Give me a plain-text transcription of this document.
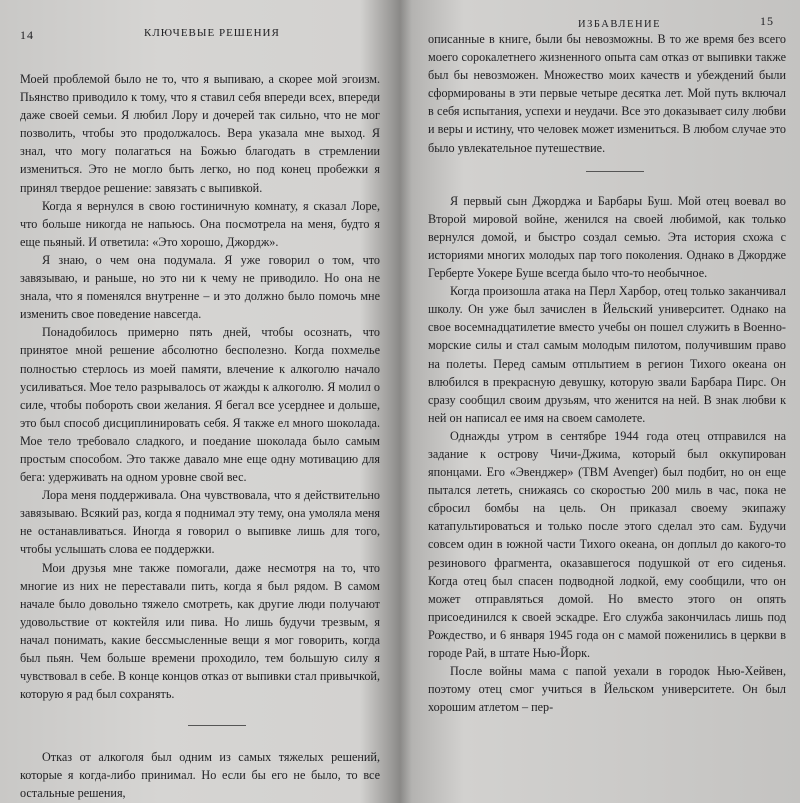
14	КЛЮЧЕВЫЕ РЕШЕНИЯ

Моей проблемой было не то, что я выпиваю, а скорее мой эгоизм. Пьянство приводило к тому, что я ставил себя впереди всех, впереди даже своей семьи. Я любил Лору и дочерей так сильно, что не мог позволить, чтобы это продолжалось. Вера указала мне выход. Я знал, что могу полагаться на Божью благодать в стремлении измениться. Это не могло быть легко, но под конец пробежки я принял твердое решение: завязать с выпивкой.

Когда я вернулся в свою гостиничную комнату, я сказал Лоре, что больше никогда не напьюсь. Она посмотрела на меня, будто я еще пьяный. И ответила: «Это хорошо, Джордж».

Я знаю, о чем она подумала. Я уже говорил о том, что завязываю, и раньше, но это ни к чему не приводило. Но она не знала, что я поменялся внутренне – и это должно было помочь мне изменить свое поведение навсегда.

Понадобилось примерно пять дней, чтобы осознать, что принятое мной решение абсолютно бесполезно. Когда похмелье полностью стерлось из моей памяти, влечение к алкоголю начало усиливаться. Мое тело разрывалось от жажды к алкоголю. Я молил о силе, чтобы побороть свои желания. Я бегал все усерднее и дольше, это был способ дисциплинировать себя. Я также ел много шоколада. Мое тело требовало сладкого, и поедание шоколада было самым простым способом. Это также давало мне еще одну мотивацию для бега: удерживать на одном уровне свой вес.

Лора меня поддерживала. Она чувствовала, что я действительно завязываю. Всякий раз, когда я поднимал эту тему, она умоляла меня не останавливаться. Иногда я говорил о выпивке лишь для того, чтобы услышать слова ее поддержки.

Мои друзья мне также помогали, даже несмотря на то, что многие из них не переставали пить, когда я был рядом. В самом начале было довольно тяжело смотреть, как другие люди получают удовольствие от коктейля или пива. Но лишь будучи трезвым, я начал понимать, какие бессмысленные вещи я мог говорить, когда был пьян. Чем больше времени проходило, тем большую силу я чувствовал в себе. В конце концов отказ от выпивки стал привычкой, которую я рад был сохранять.

Отказ от алкоголя был одним из самых тяжелых решений, которые я когда-либо принимал. Но если бы его не было, то все остальные решения,

ИЗБАВЛЕНИЕ	15

описанные в книге, были бы невозможны. В то же время без всего моего сорокалетнего жизненного опыта сам отказ от выпивки также был бы невозможен. Множество моих качеств и убеждений были сформированы в эти первые четыре десятка лет. Мой путь включал в себя испытания, успехи и неудачи. Все это доказывает силу любви и веры и истину, что человек может измениться. В любом случае это было увлекательное путешествие.

Я первый сын Джорджа и Барбары Буш. Мой отец воевал во Второй мировой войне, женился на своей любимой, как только вернулся домой, и быстро создал семью. Эта история схожа с историями многих молодых пар того поколения. Однако в Джордже Герберте Уокере Буше всегда было что-то необычное.

Когда произошла атака на Перл Харбор, отец только заканчивал школу. Он уже был зачислен в Йельский университет. Однако на свое восемнадцатилетие вместо учебы он пошел служить в Военно-морские силы и стал самым молодым пилотом, получившим право на полеты. Перед самым отплытием в регион Тихого океана он влюбился в прекрасную девушку, которую звали Барбара Пирс. Он сразу сообщил своим друзьям, что женится на ней. В знак любви к ней он написал ее имя на своем самолете.

Однажды утром в сентябре 1944 года отец отправился на задание к острову Чичи-Джима, который был оккупирован японцами. Его «Эвенджер» (TBM Avenger) был подбит, но он еще пытался лететь, снижаясь со скоростью 200 миль в час, пока не сбросил бомбы на цель. Он приказал своему экипажу катапультироваться и только после этого сделал это сам. Будучи совсем один в южной части Тихого океана, он доплыл до какого-то резинового фрагмента, оказавшегося подушкой от его сиденья. Когда отец был спасен подводной лодкой, ему сообщили, что он может отправляться домой. Но вместо этого он опять присоединился к своей эскадре. Его служба закончилась лишь под Рождество, и 6 января 1945 года он с мамой поженились в церкви в городе Рай, в штате Нью-Йорк.

После войны мама с папой уехали в городок Нью-Хейвен, поэтому отец смог учиться в Йельском университете. Он был хорошим атлетом – пер-
